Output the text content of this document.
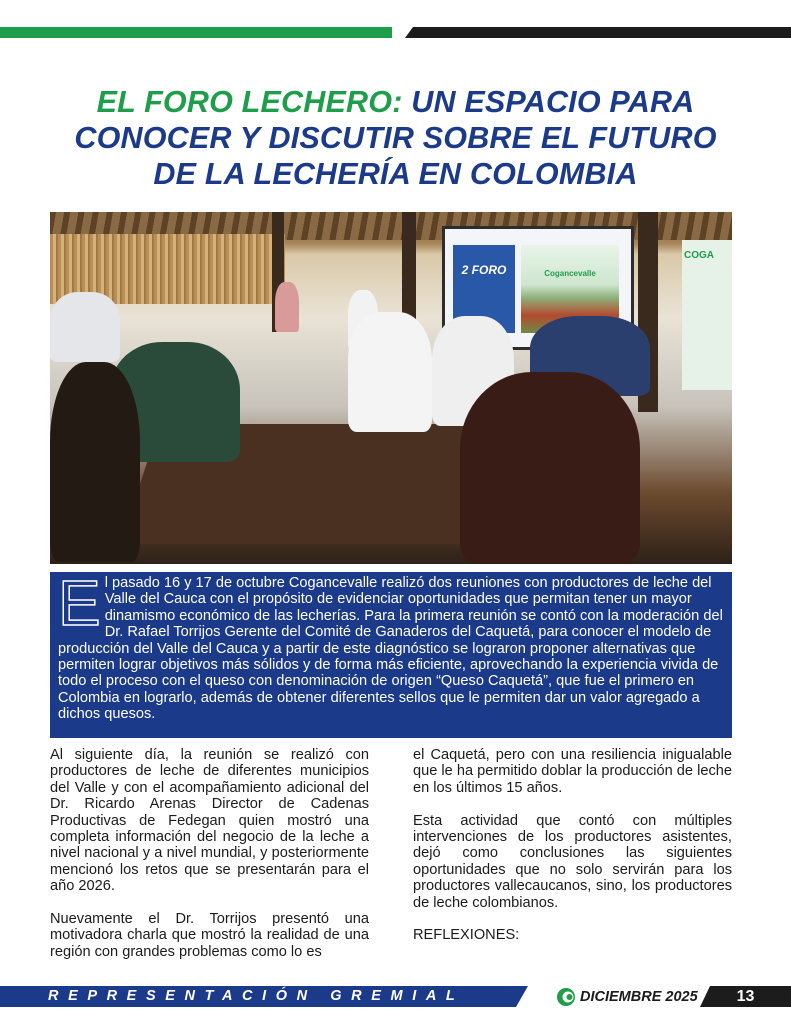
EL FORO LECHERO: UN ESPACIO PARA
CONOCER Y DISCUTIR SOBRE EL FUTURO
DE LA LECHERÍA EN COLOMBIA
2 FORO	Cogancevalle
COGA
E l pasado 16 y 17 de octubre Cogancevalle realizó dos reuniones con productores de leche del Valle del Cauca con el propósito de evidenciar oportunidades que permitan tener un mayor dinamismo económico de las lecherías. Para la primera reunión se contó con la moderación del Dr. Rafael Torrijos Gerente del Comité de Ganaderos del Caquetá, para conocer el modelo de producción del Valle del Cauca y a partir de este diagnóstico se lograron proponer alternativas que permiten lograr objetivos más sólidos y de forma más eficiente, aprovechando la experiencia vivida de todo el proceso con el queso con denominación de origen “Queso Caquetá”, que fue el primero en Colombia en lograrlo, además de obtener diferentes sellos que le permiten dar un valor agregado a dichos quesos.

Al siguiente día, la reunión se realizó con productores de leche de diferentes municipios del Valle y con el acompañamiento adicional del Dr. Ricardo Arenas Director de Cadenas Productivas de Fedegan quien mostró una completa información del negocio de la leche a nivel nacional y a nivel mundial, y posteriormente mencionó los retos que se presentarán para el año 2026.

Nuevamente el Dr. Torrijos presentó una motivadora charla que mostró la realidad de una región con grandes problemas como lo es

el Caquetá, pero con una resiliencia inigualable que le ha permitido doblar la producción de leche en los últimos 15 años.

Esta actividad que contó con múltiples intervenciones de los productores asistentes, dejó como conclusiones las siguientes oportunidades que no solo servirán para los productores vallecaucanos, sino, los productores de leche colombianos.

REFLEXIONES:

REPRESENTACIÓN GREMIAL	DICIEMBRE 2025	13
